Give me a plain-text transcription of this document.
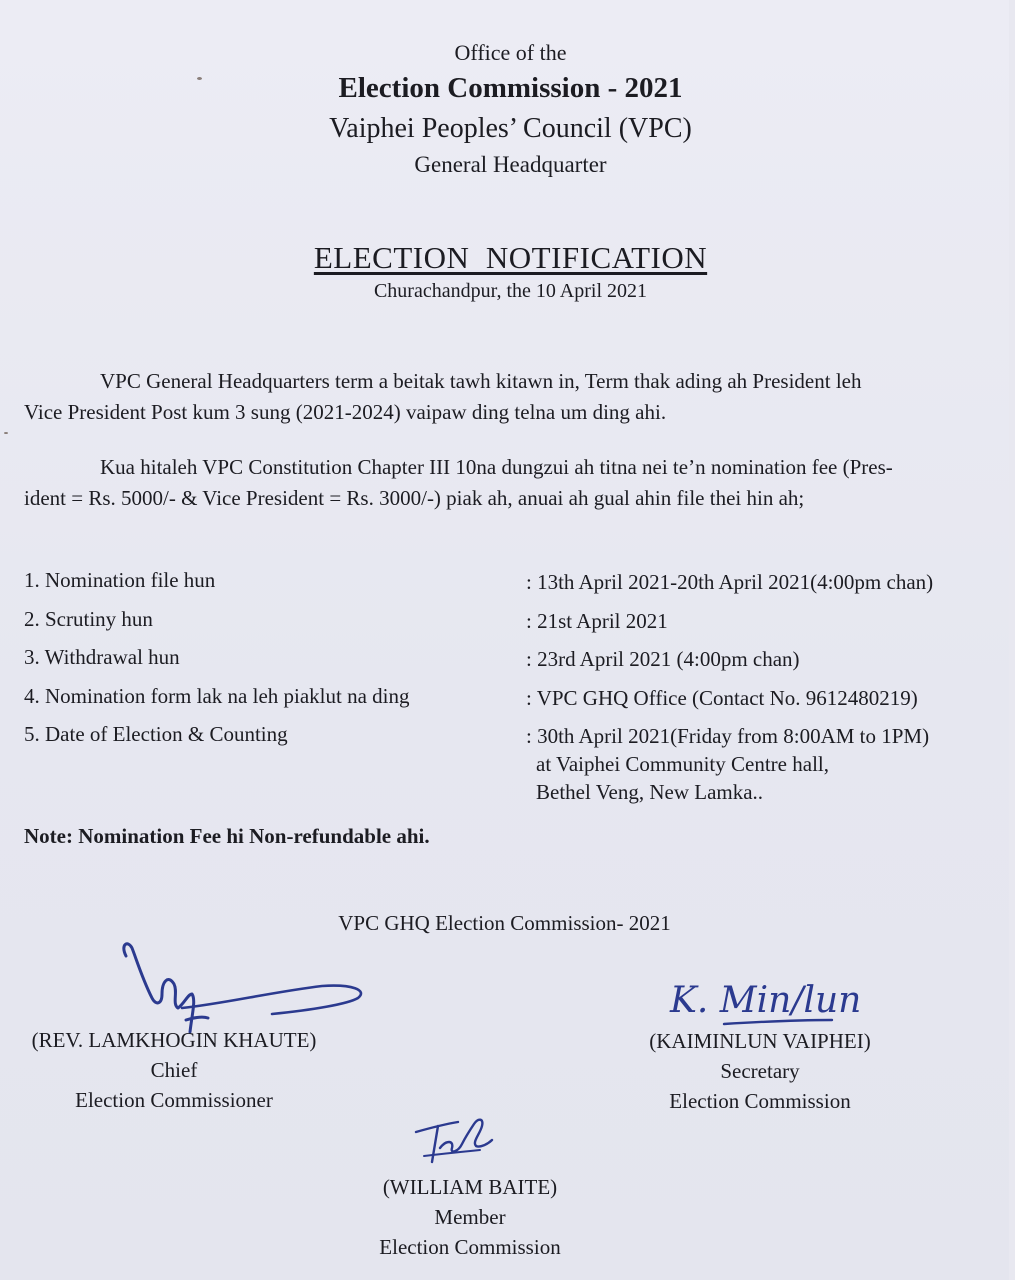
Office of the
Election Commission - 2021
Vaiphei Peoples’ Council (VPC)
General Headquarter
ELECTION  NOTIFICATION
Churachandpur, the 10 April 2021
VPC General Headquarters term a beitak tawh kitawn in, Term thak ading ah President leh
Vice President Post kum 3 sung (2021-2024) vaipaw ding telna um ding ahi.
Kua hitaleh VPC Constitution Chapter III 10na dungzui ah titna nei te’n nomination fee (Pres-
ident = Rs. 5000/- & Vice President = Rs. 3000/-) piak ah, anuai ah gual ahin file thei hin ah;
1. Nomination file hun	: 13th April 2021-20th April 2021(4:00pm chan)
2. Scrutiny hun	: 21st April 2021
3. Withdrawal hun	: 23rd April 2021 (4:00pm chan)
4. Nomination form lak na leh piaklut na ding	: VPC GHQ Office (Contact No. 9612480219)
5. Date of Election & Counting	: 30th April 2021(Friday from 8:00AM to 1PM)
at Vaiphei Community Centre hall,
Bethel Veng, New Lamka..
Note: Nomination Fee hi Non-refundable ahi.
VPC GHQ Election Commission- 2021
K. Min/lun
(REV. LAMKHOGIN KHAUTE)
Chief
Election Commissioner
(KAIMINLUN VAIPHEI)
Secretary
Election Commission
(WILLIAM BAITE)
Member
Election Commission
